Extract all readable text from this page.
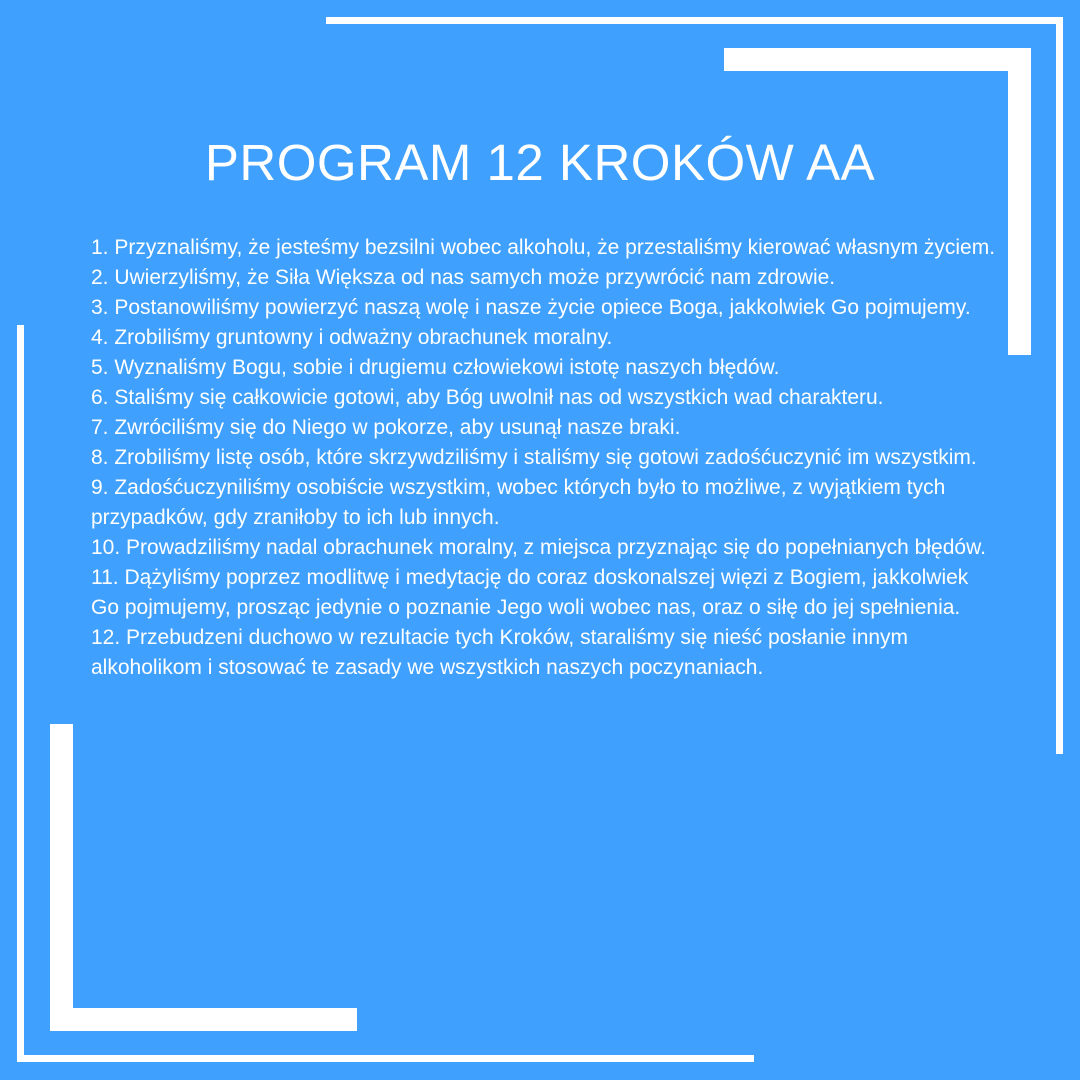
PROGRAM 12 KROKÓW AA
1. Przyznaliśmy, że jesteśmy bezsilni wobec alkoholu, że przestaliśmy kierować własnym życiem.
2. Uwierzyliśmy, że Siła Większa od nas samych może przywrócić nam zdrowie.
3. Postanowiliśmy powierzyć naszą wolę i nasze życie opiece Boga, jakkolwiek Go pojmujemy.
4. Zrobiliśmy gruntowny i odważny obrachunek moralny.
5. Wyznaliśmy Bogu, sobie i drugiemu człowiekowi istotę naszych błędów.
6. Staliśmy się całkowicie gotowi, aby Bóg uwolnił nas od wszystkich wad charakteru.
7. Zwróciliśmy się do Niego w pokorze, aby usunął nasze braki.
8. Zrobiliśmy listę osób, które skrzywdziliśmy i staliśmy się gotowi zadośćuczynić im wszystkim.
9. Zadośćuczyniliśmy osobiście wszystkim, wobec których było to możliwe, z wyjątkiem tych przypadków, gdy zraniłoby to ich lub innych.
10. Prowadziliśmy nadal obrachunek moralny, z miejsca przyznając się do popełnianych błędów.
11. Dążyliśmy poprzez modlitwę i medytację do coraz doskonalszej więzi z Bogiem, jakkolwiek Go pojmujemy, prosząc jedynie o poznanie Jego woli wobec nas, oraz o siłę do jej spełnienia.
12. Przebudzeni duchowo w rezultacie tych Kroków, staraliśmy się nieść posłanie innym alkoholikom i stosować te zasady we wszystkich naszych poczynaniach.
